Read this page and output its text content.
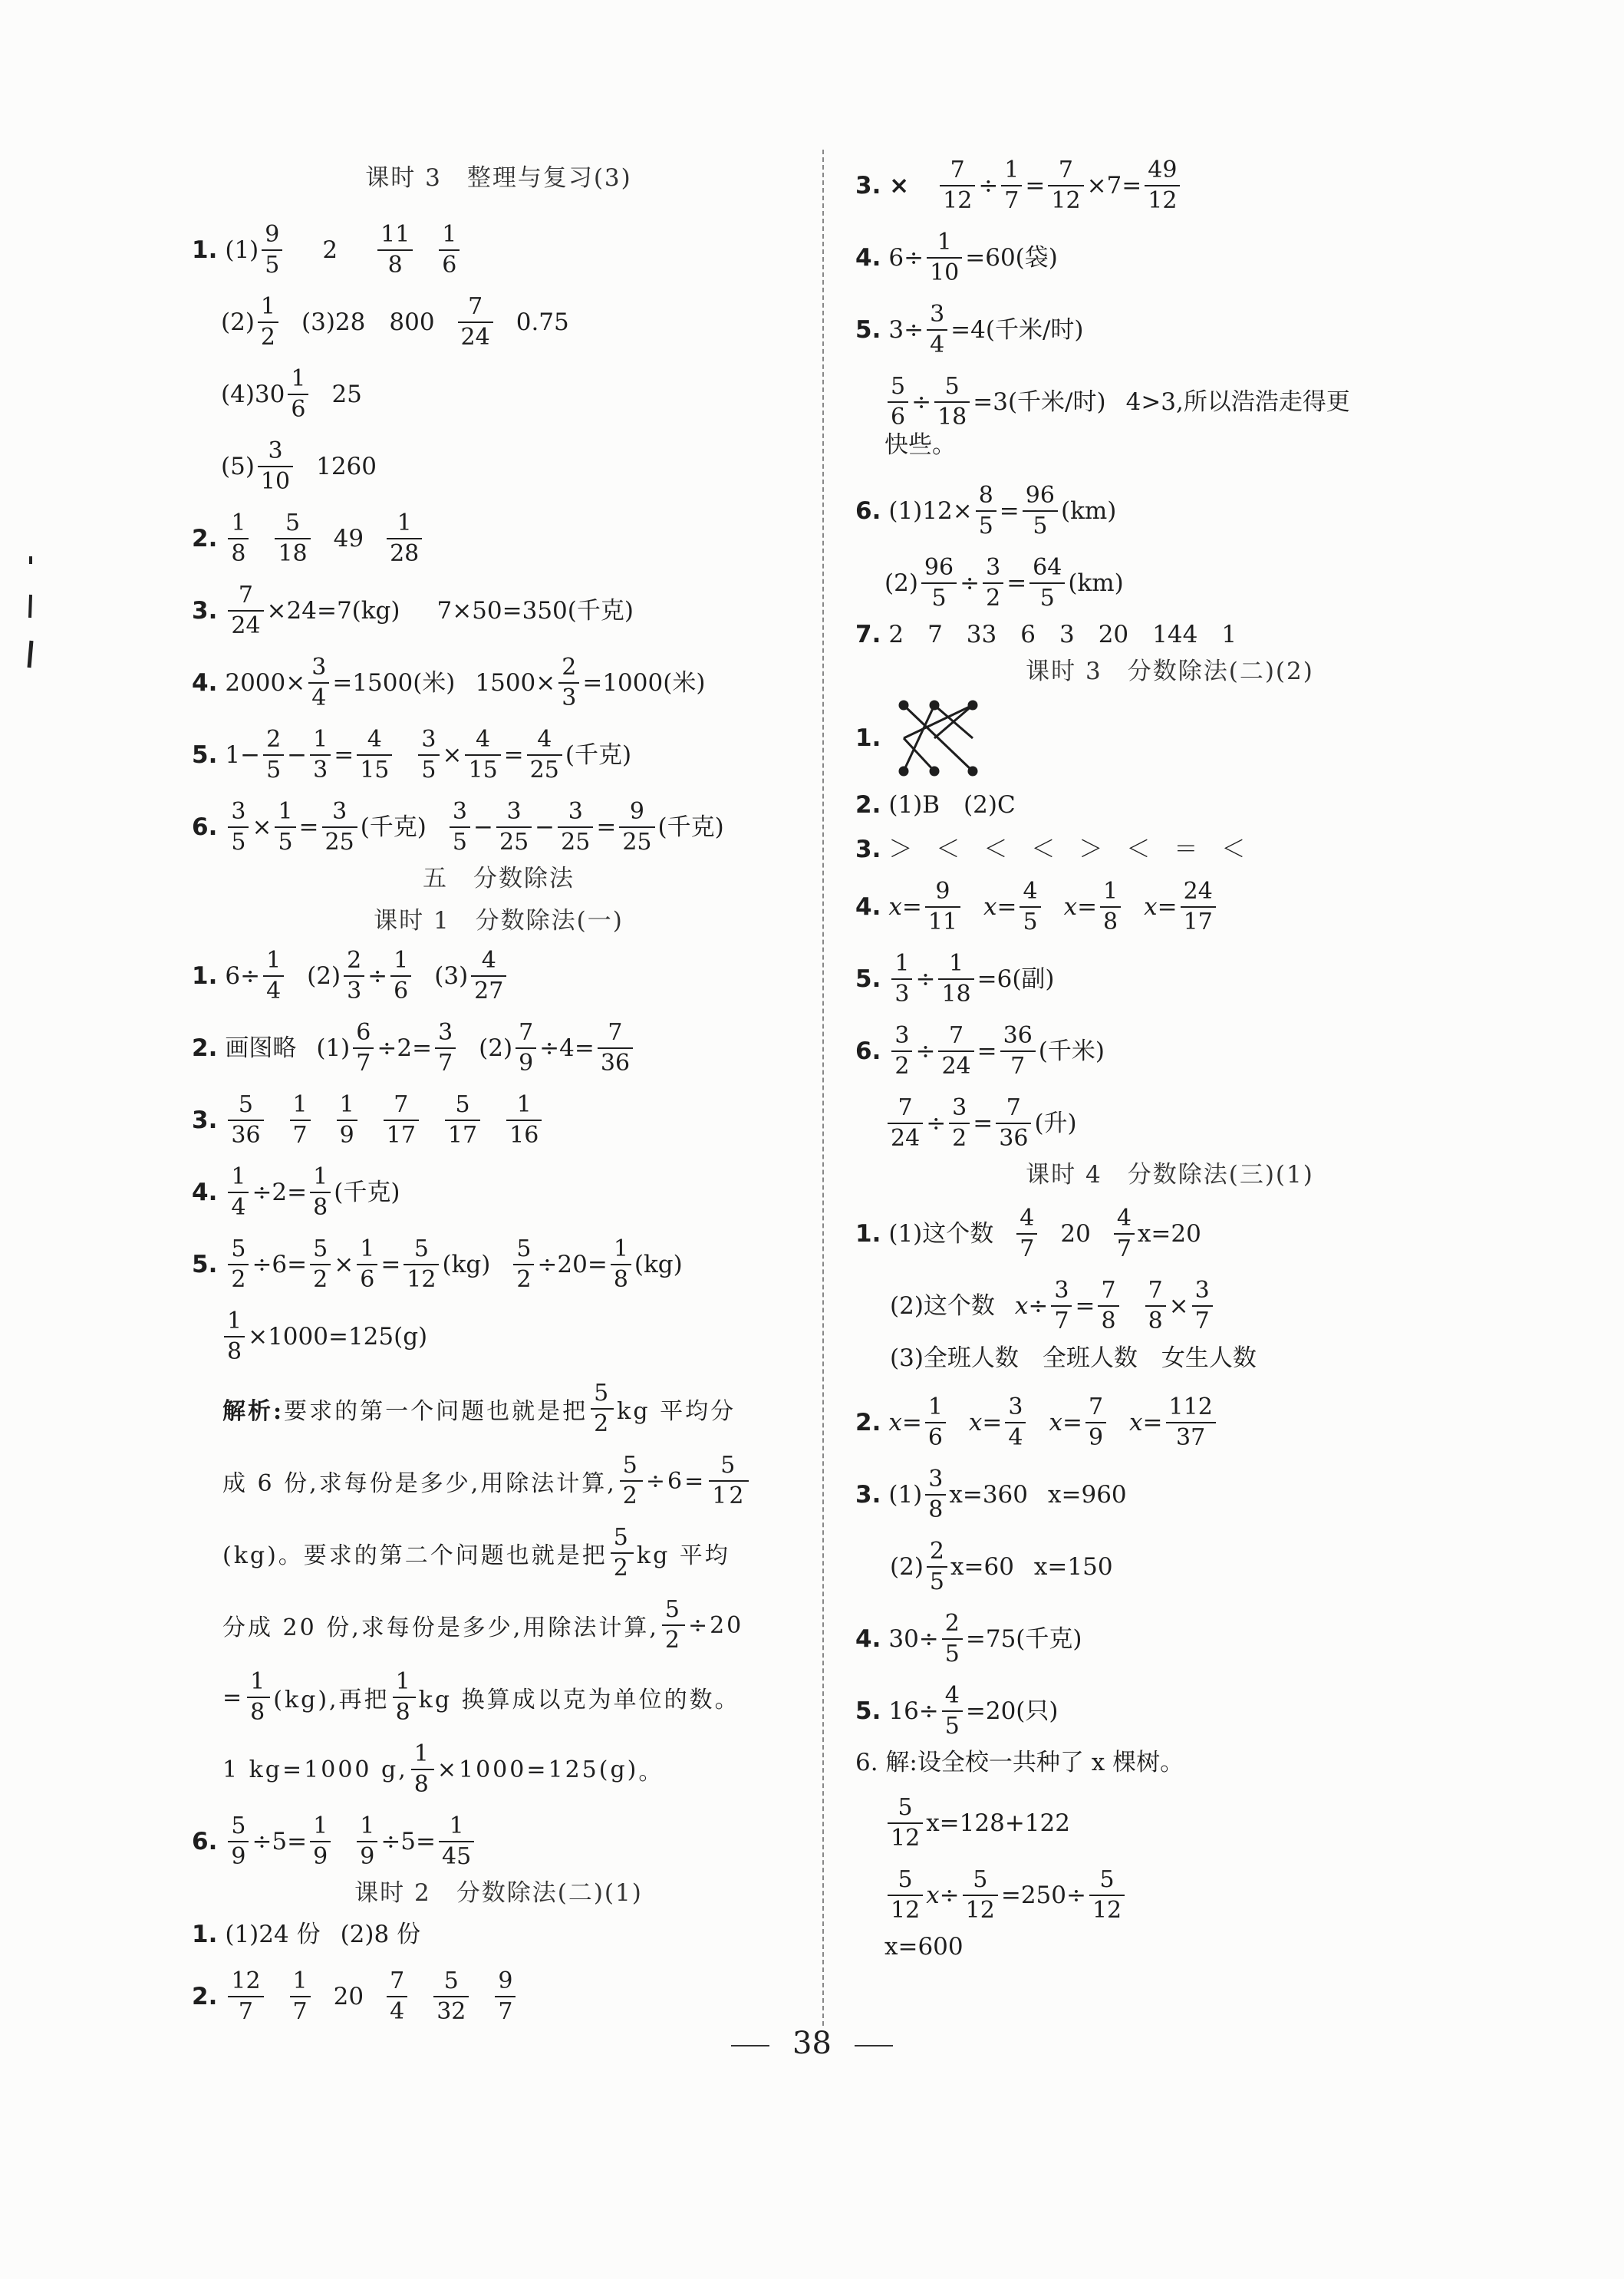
课时 3　整理与复习(3)
1. (1)
9
5
2
11
8
1
6
(2)
1
2
(3)28　800
7
24
0.75
(4)30
1
6
25
(5)
3
10
1260
2.
1
8
5
18
49
1
28
3.
7
24
×24 =7(kg) 7×50=350(千克)
4. 2000×
3
4
=1500(米) 1500×
2
3
=1000(米)
5. 1−
2
5
−
1
3
=
4
15
3
5
×
4
15
=
4
25
(千克)
6.
3
5
×
1
5
=
3
25
(千克)
3
5
−
3
25
−
3
25
=
9
25
(千克)
五　分数除法
课时 1　分数除法(一)
1. 6÷
1
4
(2)
2
3
÷
1
6
(3)
4
27
2. 画图略 (1)
6
7
÷2=
3
7
(2)
7
9
÷4=
7
36
3.
5
36
1
7
1
9
7
17
5
17
1
16
4.
1
4
÷2=
1
8
(千克)
5.
5
2
÷6=
5
2
×
1
6
=
5
12
(kg)
5
2
÷20=
1
8
(kg)
1
8
×1000 =125(g)
解析: 要求的第一个问题也就是把
5
2 kg 平均分
成 6 份,求每份是多少,用除法计算,
5
2
÷6=
5
12
(kg)。要求的第二个问题也就是把
5
2 kg 平均
分成 20 份,求每份是多少,用除法计算,
5
2
÷20
=
1
8 (kg),再把
1
8 kg 换算成以克为单位的数。
1 kg=1000 g,
1
8
×1000 =125(g) 。
6.
5
9
÷5=
1
9
1
9
÷5=
1
45
课时 2　分数除法(二)(1)
1. (1)24 份 (2)8 份
2.
12
7
1
7
20
7
4
5
32
9
7
3. ×
7
12
÷
1
7
=
7
12
×7=
49
12
4. 6÷
1
10
=60(袋)
5. 3÷
3
4
=4(千米/时)
5
6
÷
5
18
=3(千米/时) 4>3,所以浩浩走得更
快些。
6. (1)12×
8
5
=
96
5
(km)
(2)
96
5
÷
3
2
=
64
5
(km)
7. 2　7　33　6　3　20　144　1
课时 3　分数除法(二)(2)
1.
2. (1)B　(2)C
3. ＞　＜　＜　＜　＞　＜　＝　＜
4. x =
9
11
x =
4
5
x =
1
8
x =
24
17
5.
1
3
÷
1
18
=6(副)
6.
3
2
÷
7
24
=
36
7
(千米)
7
24
÷
3
2
=
7
36
(升)
课时 4　分数除法(三)(1)
1. (1)这个数
4
7
20
4
7
x=20
(2)这个数 x ÷
3
7
=
7
8
7
8
×
3
7
(3)全班人数　全班人数　女生人数
2. x =
1
6
x =
3
4
x =
7
9
x =
112
37
3. (1)
3
8
x=360 x=960
(2)
2
5
x=60 x=150
4. 30÷
2
5
=75(千克)
5. 16÷
4
5
=20(只)
6. 解:设全校一共种了 x 棵树。
5
12
x=128+122
5
12
x ÷
5
12
=250÷
5
12
x=600
38
